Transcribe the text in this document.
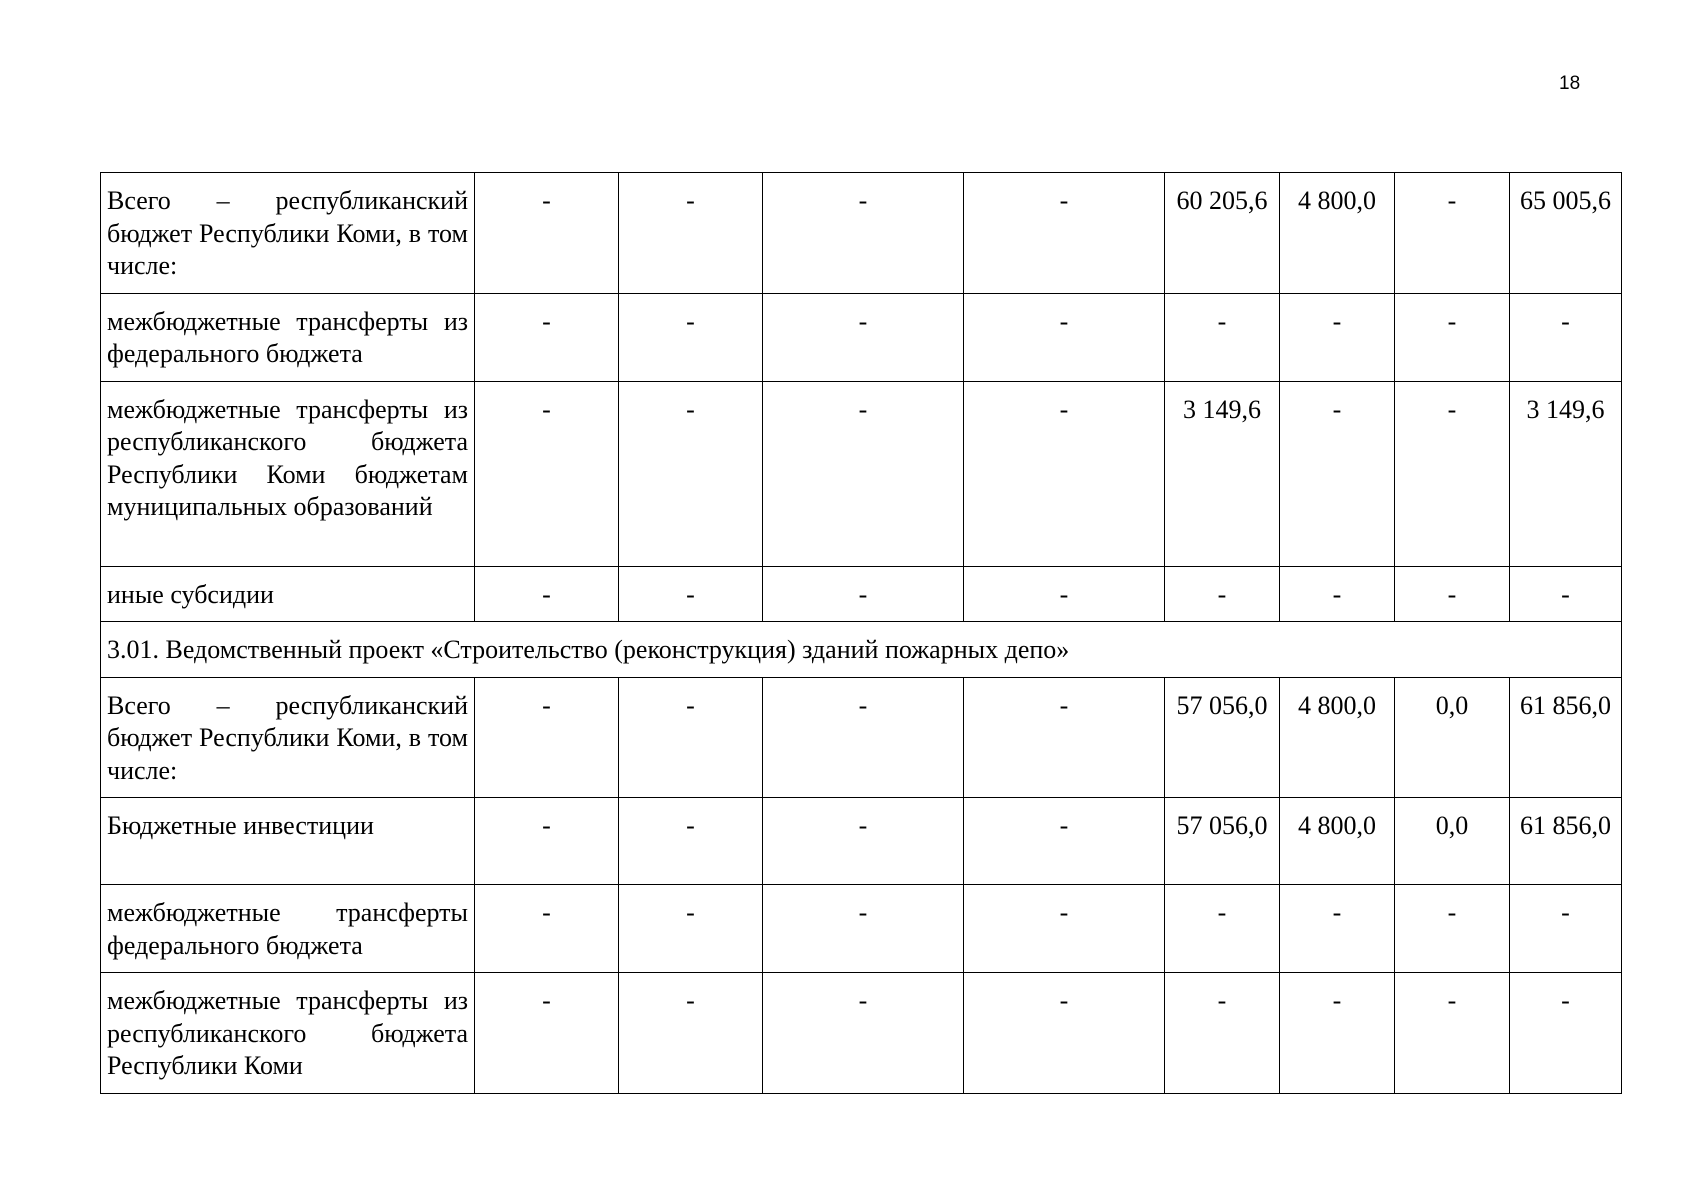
18
Всего – республиканский бюджет Республики Коми, в том числе:	-	-	-	-	60 205,6	4 800,0	-	65 005,6
межбюджетные трансферты из федерального бюджета	-	-	-	-	-	-	-	-
межбюджетные трансферты из республиканского бюджета Республики Коми бюджетам муниципальных образований	-	-	-	-	3 149,6	-	-	3 149,6
иные субсидии	-	-	-	-	-	-	-	-
3.01. Ведомственный проект «Строительство (реконструкция) зданий пожарных депо»								
Всего – республиканский бюджет Республики Коми, в том числе:	-	-	-	-	57 056,0	4 800,0	0,0	61 856,0
Бюджетные инвестиции	-	-	-	-	57 056,0	4 800,0	0,0	61 856,0
межбюджетные трансферты федерального бюджета	-	-	-	-	-	-	-	-
межбюджетные трансферты из республиканского бюджета Республики Коми	-	-	-	-	-	-	-	-
